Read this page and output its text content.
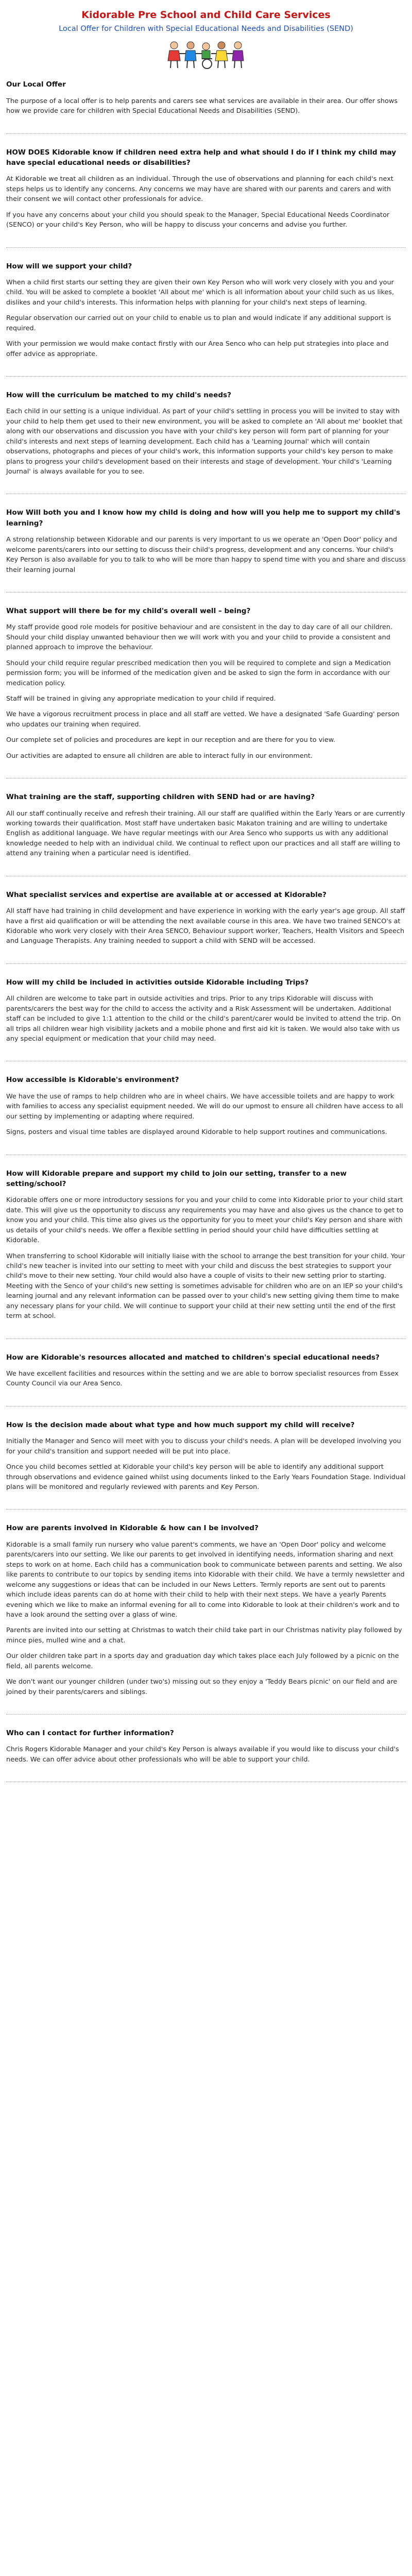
Kidorable Pre School and Child Care Services
Local Offer for Children with Special Educational Needs and Disabilities (SEND)
Our Local Offer

The purpose of a local offer is to help parents and carers see what services are available in their area. Our offer shows how we provide care for children with Special Educational Needs and Disabilities (SEND).

HOW DOES Kidorable know if children need extra help and what should I do if I think my child may have special educational needs or disabilities?

At Kidorable we treat all children as an individual. Through the use of observations and planning for each child's next steps helps us to identify any concerns. Any concerns we may have are shared with our parents and carers and with their consent we will contact other professionals for advice.

If you have any concerns about your child you should speak to the Manager, Special Educational Needs Coordinator (SENCO) or your child's Key Person, who will be happy to discuss your concerns and advise you further.

How will we support your child?

When a child first starts our setting they are given their own Key Person who will work very closely with you and your child. You will be asked to complete a booklet 'All about me' which is all information about your child such as us likes, dislikes and your child's interests. This information helps with planning for your child's next steps of learning.

Regular observation our carried out on your child to enable us to plan and would indicate if any additional support is required.

With your permission we would make contact firstly with our Area Senco who can help put strategies into place and offer advice as appropriate.

How will the curriculum be matched to my child's needs?

Each child in our setting is a unique individual. As part of your child's settling in process you will be invited to stay with your child to help them get used to their new environment, you will be asked to complete an 'All about me' booklet that along with our observations and discussion you have with your child's key person will form part of planning for your child's interests and next steps of learning development. Each child has a 'Learning Journal' which will contain observations, photographs and pieces of your child's work, this information supports your child's key person to make plans to progress your child's development based on their interests and stage of development. Your child's 'Learning Journal' is always available for you to see.

How Will both you and I know how my child is doing and how will you help me to support my child's learning?

A strong relationship between Kidorable and our parents is very important to us we operate an 'Open Door' policy and welcome parents/carers into our setting to discuss their child's progress, development and any concerns. Your child's Key Person is also available for you to talk to who will be more than happy to spend time with you and share and discuss their learning journal

What support will there be for my child's overall well – being?

My staff provide good role models for positive behaviour and are consistent in the day to day care of all our children. Should your child display unwanted behaviour then we will work with you and your child to provide a consistent and planned approach to improve the behaviour.

Should your child require regular prescribed medication then you will be required to complete and sign a Medication permission form; you will be informed of the medication given and be asked to sign the form in accordance with our medication policy.

Staff will be trained in giving any appropriate medication to your child if required.

We have a vigorous recruitment process in place and all staff are vetted. We have a designated 'Safe Guarding' person who updates our training when required.

Our complete set of policies and procedures are kept in our reception and are there for you to view.

Our activities are adapted to ensure all children are able to interact fully in our environment.

What training are the staff, supporting children with SEND had or are having?

All our staff continually receive and refresh their training. All our staff are qualified within the Early Years or are currently working towards their qualification. Most staff have undertaken basic Makaton training and are willing to undertake English as additional language. We have regular meetings with our Area Senco who supports us with any additional knowledge needed to help with an individual child. We continual to reflect upon our practices and all staff are willing to attend any training when a particular need is identified.

What specialist services and expertise are available at or accessed at Kidorable?

All staff have had training in child development and have experience in working with the early year's age group. All staff have a first aid qualification or will be attending the next available course in this area. We have two trained SENCO's at Kidorable who work very closely with their Area SENCO, Behaviour support worker, Teachers, Health Visitors and Speech and Language Therapists. Any training needed to support a child with SEND will be accessed.

How will my child be included in activities outside Kidorable including Trips?

All children are welcome to take part in outside activities and trips. Prior to any trips Kidorable will discuss with parents/carers the best way for the child to access the activity and a Risk Assessment will be undertaken. Additional staff can be included to give 1:1 attention to the child or the child's parent/carer would be invited to attend the trip. On all trips all children wear high visibility jackets and a mobile phone and first aid kit is taken. We would also take with us any special equipment or medication that your child may need.

How accessible is Kidorable's environment?

We have the use of ramps to help children who are in wheel chairs. We have accessible toilets and are happy to work with families to access any specialist equipment needed. We will do our upmost to ensure all children have access to all our setting by implementing or adapting where required.

Signs, posters and visual time tables are displayed around Kidorable to help support routines and communications.

How will Kidorable prepare and support my child to join our setting, transfer to a new setting/school?

Kidorable offers one or more introductory sessions for you and your child to come into Kidorable prior to your child start date. This will give us the opportunity to discuss any requirements you may have and also gives us the chance to get to know you and your child. This time also gives us the opportunity for you to meet your child's Key person and share with us details of your child's needs. We offer a flexible settling in period should your child have difficulties settling at Kidorable.

When transferring to school Kidorable will initially liaise with the school to arrange the best transition for your child. Your child's new teacher is invited into our setting to meet with your child and discuss the best strategies to support your child's move to their new setting. Your child would also have a couple of visits to their new setting prior to starting. Meeting with the Senco of your child's new setting is sometimes advisable for children who are on an IEP so your child's learning journal and any relevant information can be passed over to your child's new setting giving them time to make any necessary plans for your child. We will continue to support your child at their new setting until the end of the first term at school.

How are Kidorable's resources allocated and matched to children's special educational needs?

We have excellent facilities and resources within the setting and we are able to borrow specialist resources from Essex County Council via our Area Senco.

How is the decision made about what type and how much support my child will receive?

Initially the Manager and Senco will meet with you to discuss your child's needs. A plan will be developed involving you for your child's transition and support needed will be put into place.

Once you child becomes settled at Kidorable your child's key person will be able to identify any additional support through observations and evidence gained whilst using documents linked to the Early Years Foundation Stage. Individual plans will be monitored and regularly reviewed with parents and Key Person.

How are parents involved in Kidorable & how can I be involved?

Kidorable is a small family run nursery who value parent's comments, we have an 'Open Door' policy and welcome parents/carers into our setting. We like our parents to get involved in identifying needs, information sharing and next steps to work on at home. Each child has a communication book to communicate between parents and setting. We also like parents to contribute to our topics by sending items into Kidorable with their child. We have a termly newsletter and welcome any suggestions or ideas that can be included in our News Letters. Termly reports are sent out to parents which include ideas parents can do at home with their child to help with their next steps. We have a yearly Parents evening which we like to make an informal evening for all to come into Kidorable to look at their children's work and to have a look around the setting over a glass of wine.

Parents are invited into our setting at Christmas to watch their child take part in our Christmas nativity play followed by mince pies, mulled wine and a chat.

Our older children take part in a sports day and graduation day which takes place each July followed by a picnic on the field, all parents welcome.

We don't want our younger children (under two's) missing out so they enjoy a 'Teddy Bears picnic' on our field and are joined by their parents/carers and siblings.

Who can I contact for further information?

Chris Rogers Kidorable Manager and your child's Key Person is always available if you would like to discuss your child's needs. We can offer advice about other professionals who will be able to support your child.
